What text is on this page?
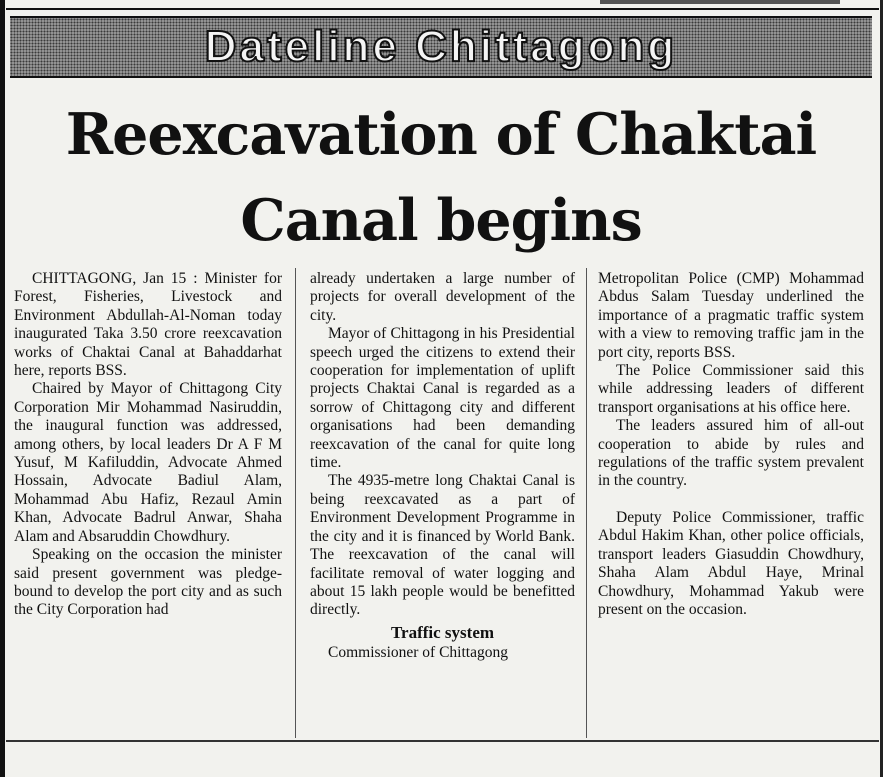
Dateline Chittagong
Reexcavation of Chaktai Canal begins

CHITTAGONG, Jan 15 : Minister for Forest, Fisheries, Livestock and Environment Abdullah-Al-Noman today inaugurated Taka 3.50 crore reexcavation works of Chaktai Canal at Bahaddarhat here, reports BSS.

Chaired by Mayor of Chittagong City Corporation Mir Mohammad Nasiruddin, the inaugural function was addressed, among others, by local leaders Dr A F M Yusuf, M Kafiluddin, Advocate Ahmed Hossain, Advocate Badiul Alam, Mohammad Abu Hafiz, Rezaul Amin Khan, Advocate Badrul Anwar, Shaha Alam and Absaruddin Chowdhury.

Speaking on the occasion the minister said present government was pledge-bound to develop the port city and as such the City Corporation had

already undertaken a large number of projects for overall development of the city.

Mayor of Chittagong in his Presidential speech urged the citizens to extend their cooperation for implementation of uplift projects Chaktai Canal is regarded as a sorrow of Chittagong city and different organisations had been demanding reexcavation of the canal for quite long time.

The 4935-metre long Chaktai Canal is being reexcavated as a part of Environment Development Programme in the city and it is financed by World Bank. The reexcavation of the canal will facilitate removal of water logging and about 15 lakh people would be benefitted directly.

Traffic system

Commissioner of Chittagong

Metropolitan Police (CMP) Mohammad Abdus Salam Tuesday underlined the importance of a pragmatic traffic system with a view to removing traffic jam in the port city, reports BSS.

The Police Commissioner said this while addressing leaders of different transport organisations at his office here.

The leaders assured him of all-out cooperation to abide by rules and regulations of the traffic system prevalent in the country.

Deputy Police Commissioner, traffic Abdul Hakim Khan, other police officials, transport leaders Giasuddin Chowdhury, Shaha Alam Abdul Haye, Mrinal Chowdhury, Mohammad Yakub were present on the occasion.
